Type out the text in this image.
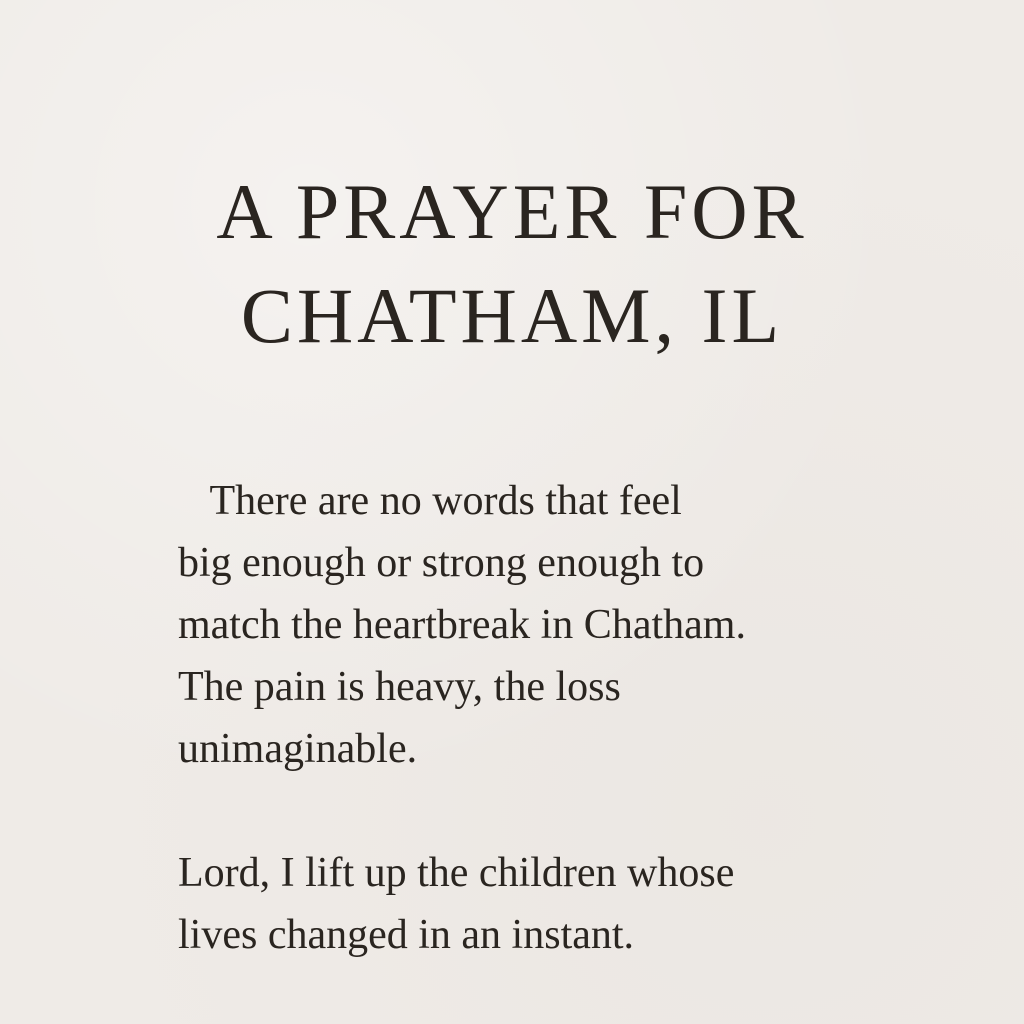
A PRAYER FOR
CHATHAM, IL

There are no words that feel
big enough or strong enough to
match the heartbreak in Chatham.
The pain is heavy, the loss
unimaginable.

Lord, I lift up the children whose
lives changed in an instant.
